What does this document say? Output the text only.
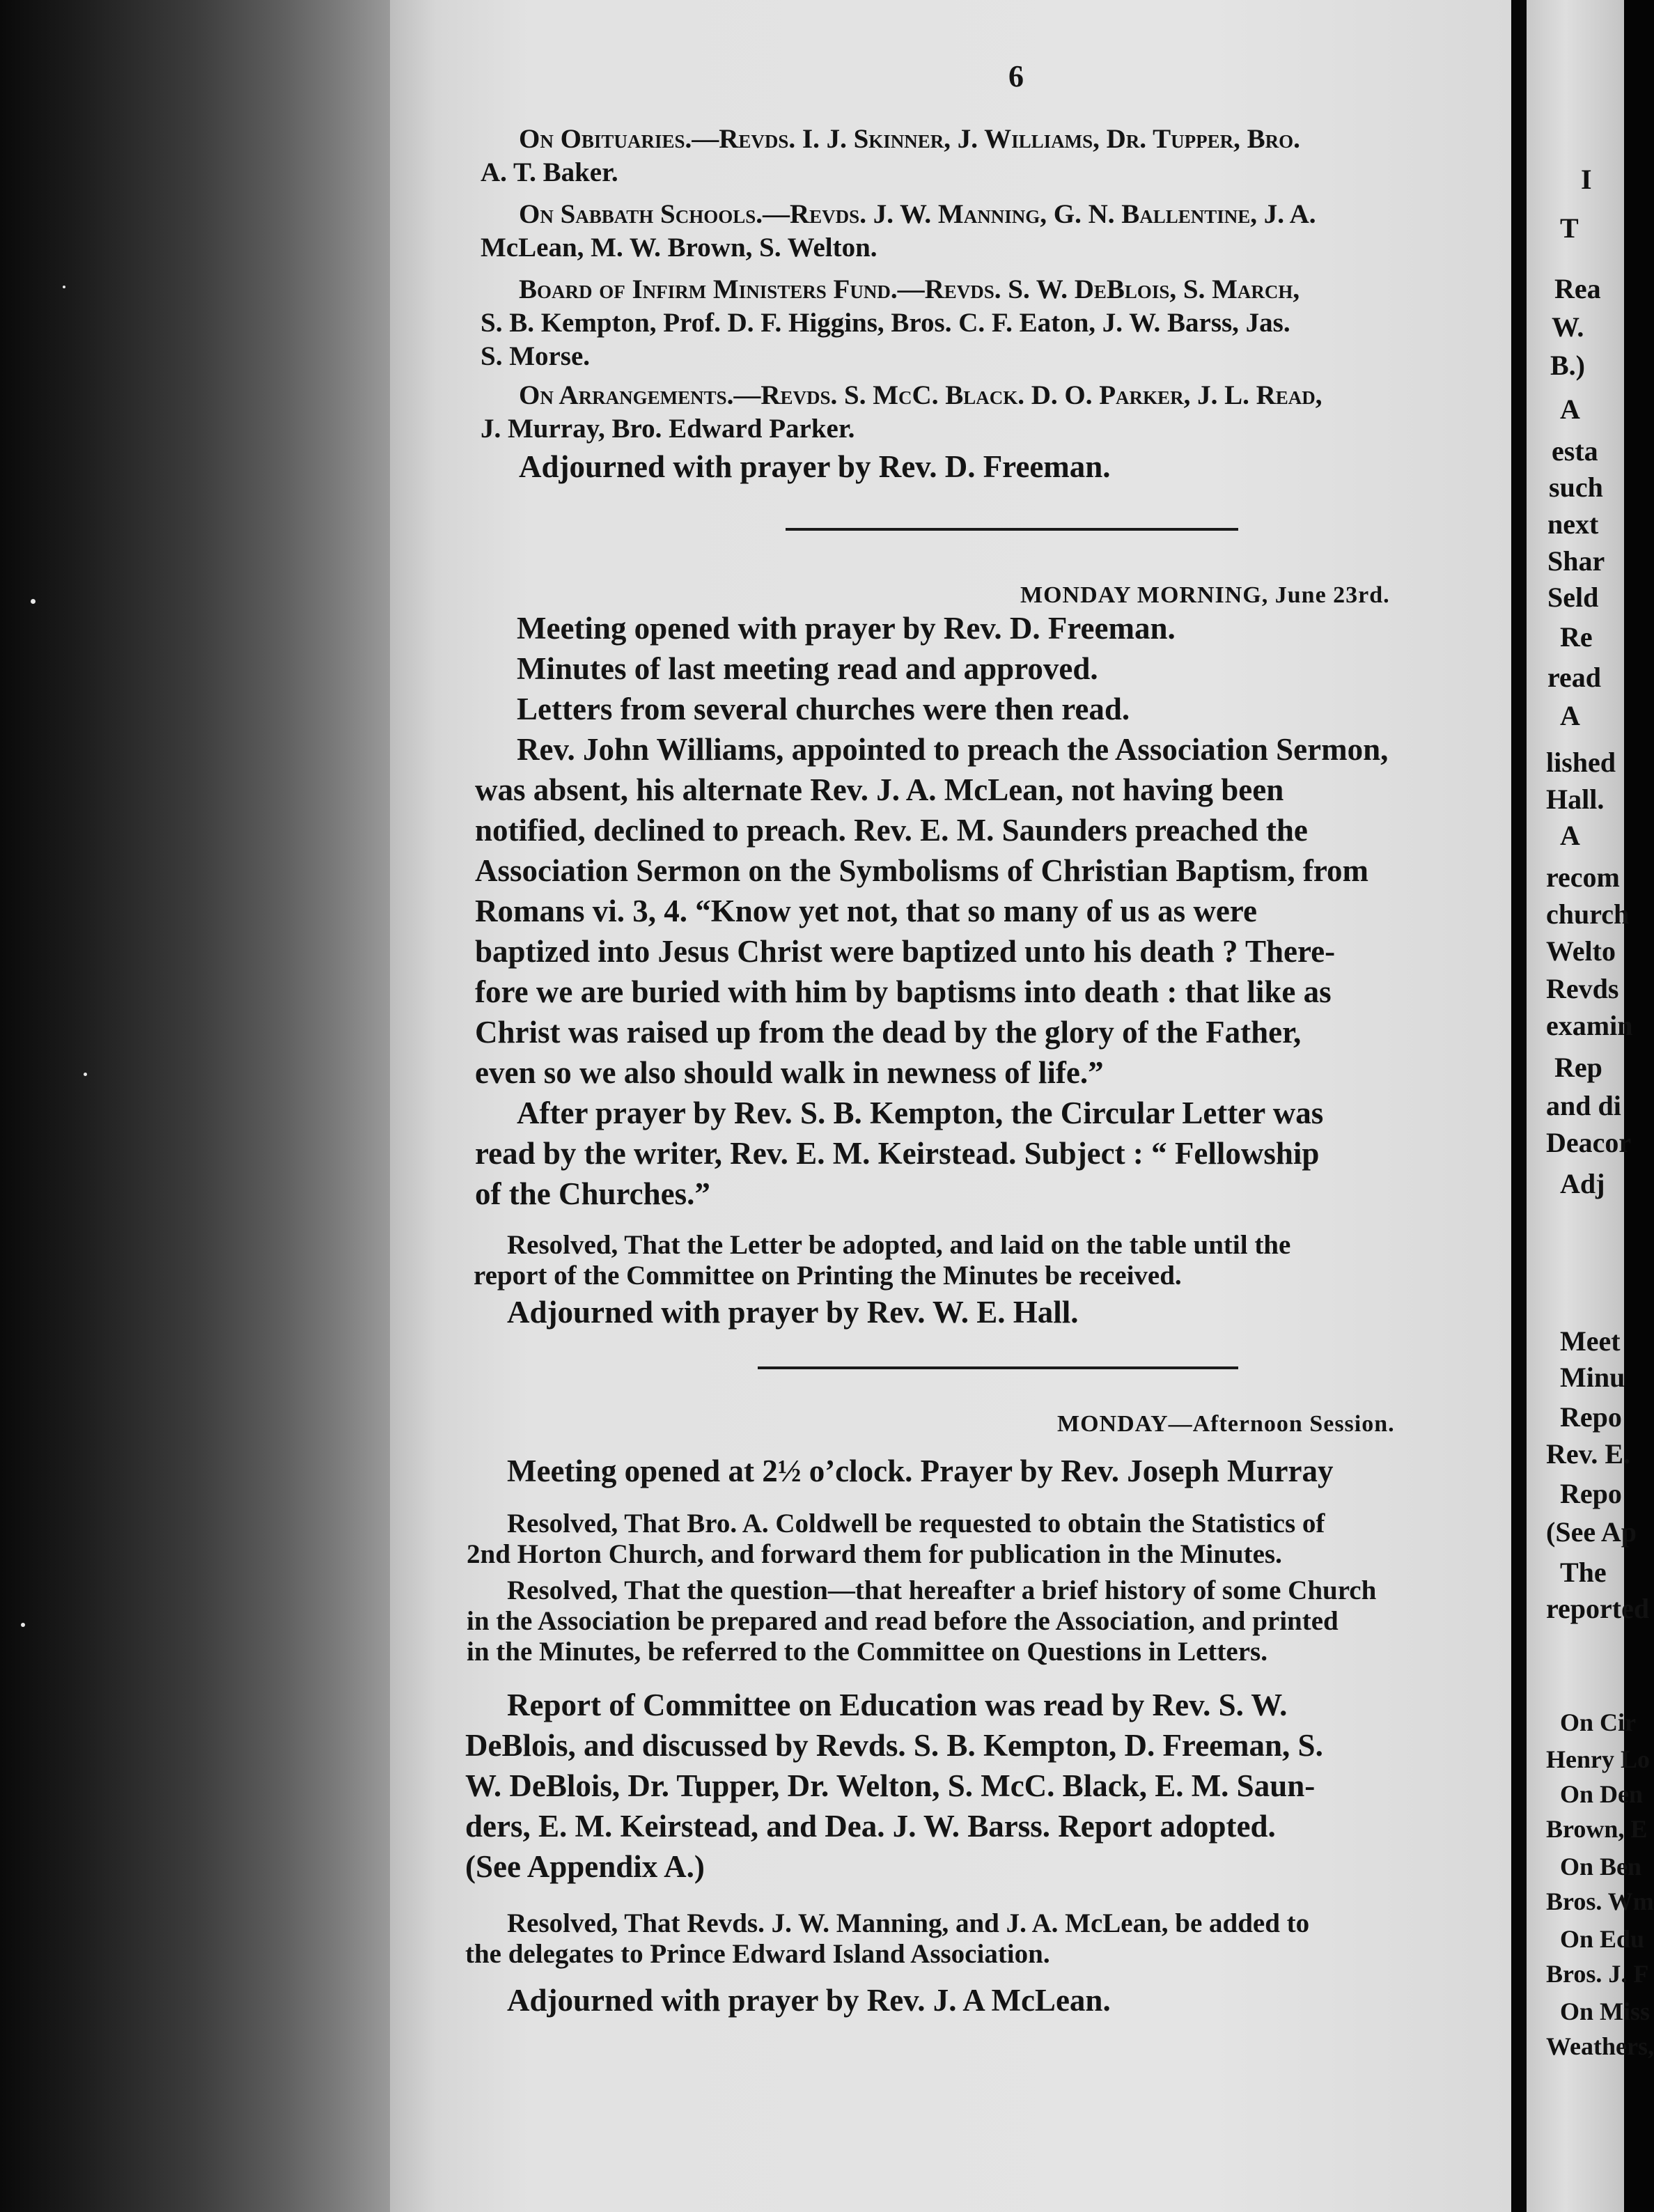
I
T
Rea
W.
B.)
A
esta
such
next
Shar
Seld
Re
read
A
lished
Hall.
A
recom
church
Welto
Revds
examin
Rep
and di
Deacor
Adj
Meet
Minu
Repo
Rev. E.
Repo
(See Ap
The
reported
On Cir
Henry Lo
On Den
Brown, E
On Ben
Bros. Wm
On Edu
Bros. J. F
On Miss
Weathers,
6
On Obituaries.—Revds. I. J. Skinner, J. Williams, Dr. Tupper, Bro.
A. T. Baker.
On Sabbath Schools.—Revds. J. W. Manning, G. N. Ballentine, J. A.
McLean, M. W. Brown, S. Welton.
Board of Infirm Ministers Fund.—Revds. S. W. DeBlois, S. March,
S. B. Kempton, Prof. D. F. Higgins, Bros. C. F. Eaton, J. W. Barss, Jas.
S. Morse.
On Arrangements.—Revds. S. McC. Black. D. O. Parker, J. L. Read,
J. Murray, Bro. Edward Parker.
Adjourned with prayer by Rev. D. Freeman.
MONDAY MORNING, June 23rd.
Meeting opened with prayer by Rev. D. Freeman.
Minutes of last meeting read and approved.
Letters from several churches were then read.
Rev. John Williams, appointed to preach the Association Sermon,
was absent, his alternate Rev. J. A. McLean, not having been
notified, declined to preach. Rev. E. M. Saunders preached the
Association Sermon on the Symbolisms of Christian Baptism, from
Romans vi. 3, 4. “Know yet not, that so many of us as were
baptized into Jesus Christ were baptized unto his death ? There-
fore we are buried with him by baptisms into death : that like as
Christ was raised up from the dead by the glory of the Father,
even so we also should walk in newness of life.”
After prayer by Rev. S. B. Kempton, the Circular Letter was
read by the writer, Rev. E. M. Keirstead. Subject : “ Fellowship
of the Churches.”
Resolved, That the Letter be adopted, and laid on the table until the
report of the Committee on Printing the Minutes be received.
Adjourned with prayer by Rev. W. E. Hall.
MONDAY—Afternoon Session.
Meeting opened at 2½ o’clock. Prayer by Rev. Joseph Murray
Resolved, That Bro. A. Coldwell be requested to obtain the Statistics of
2nd Horton Church, and forward them for publication in the Minutes.
Resolved, That the question—that hereafter a brief history of some Church
in the Association be prepared and read before the Association, and printed
in the Minutes, be referred to the Committee on Questions in Letters.
Report of Committee on Education was read by Rev. S. W.
DeBlois, and discussed by Revds. S. B. Kempton, D. Freeman, S.
W. DeBlois, Dr. Tupper, Dr. Welton, S. McC. Black, E. M. Saun-
ders, E. M. Keirstead, and Dea. J. W. Barss. Report adopted.
(See Appendix A.)
Resolved, That Revds. J. W. Manning, and J. A. McLean, be added to
the delegates to Prince Edward Island Association.
Adjourned with prayer by Rev. J. A McLean.
